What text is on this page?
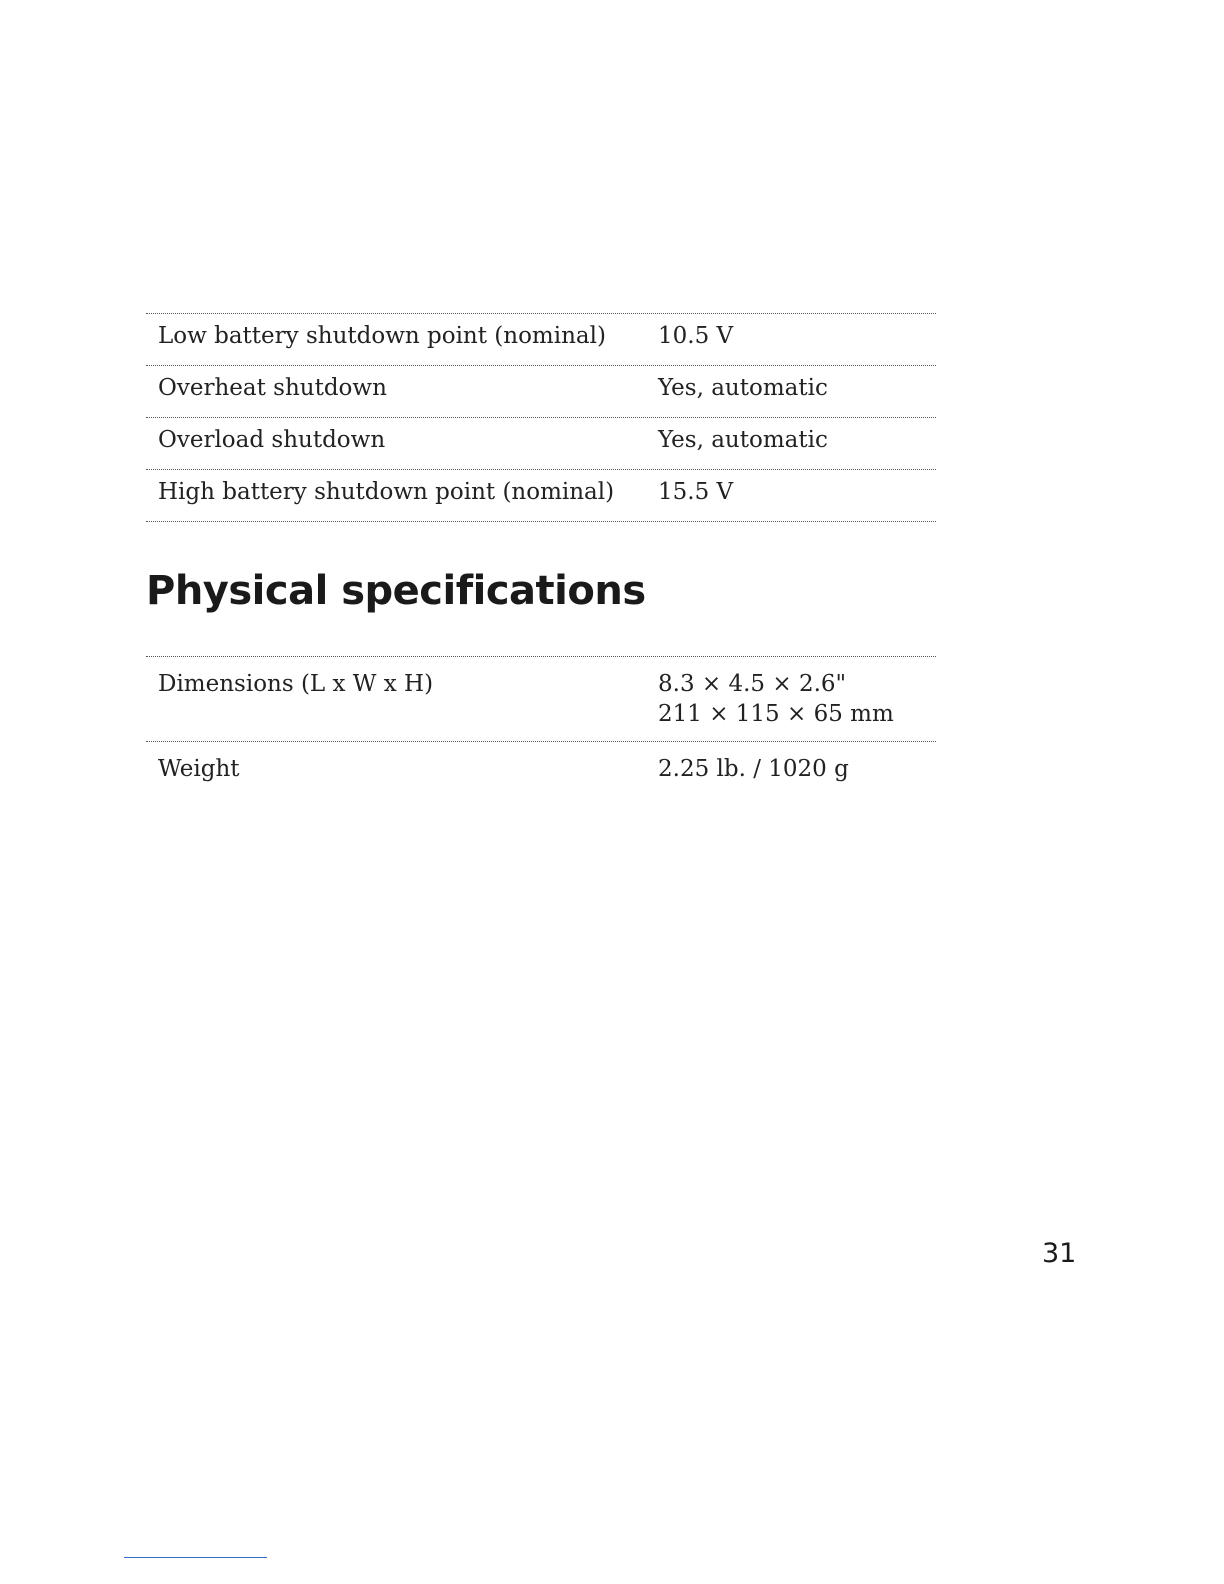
Low battery shutdown point (nominal)	10.5 V
Overheat shutdown	Yes, automatic
Overload shutdown	Yes, automatic
High battery shutdown point (nominal)	15.5 V
Physical specifications
Dimensions (L x W x H)	8.3 × 4.5 × 2.6"
211 × 115 × 65 mm
Weight	2.25 lb. / 1020 g
31
